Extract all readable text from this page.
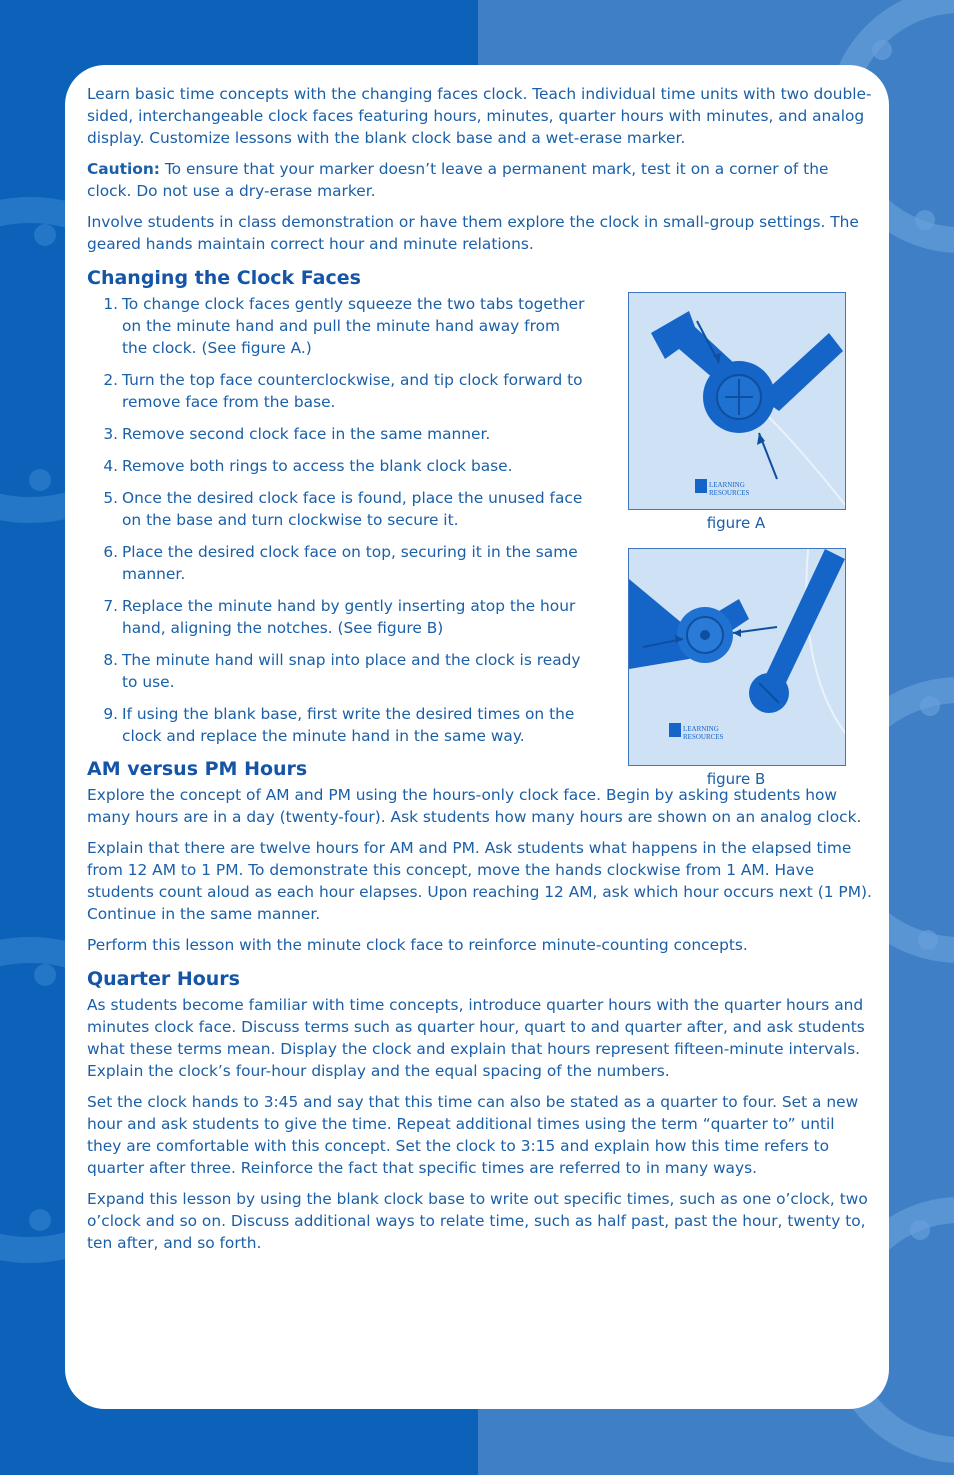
Learn basic time concepts with the changing faces clock. Teach individual time units with two double-sided, interchangeable clock faces featuring hours, minutes, quarter hours with minutes, and analog display. Customize lessons with the blank clock base and a wet-erase marker.

Caution: To ensure that your marker doesn’t leave a permanent mark, test it on a corner of the clock. Do not use a dry-erase marker.

Involve students in class demonstration or have them explore the clock in small-group settings. The geared hands maintain correct hour and minute relations.

Changing the Clock Faces
1. To change clock faces gently squeeze the two tabs together on the minute hand and pull the minute hand away from the clock. (See figure A.)
2. Turn the top face counterclockwise, and tip clock forward to remove face from the base.
3. Remove second clock face in the same manner.
4. Remove both rings to access the blank clock base.
5. Once the desired clock face is found, place the unused face on the base and turn clockwise to secure it.
6. Place the desired clock face on top, securing it in the same manner.
7. Replace the minute hand by gently inserting atop the hour hand, aligning the notches. (See figure B)
8. The minute hand will snap into place and the clock is ready to use.
9. If using the blank base, first write the desired times on the clock and replace the minute hand in the same way.
AM versus PM Hours

Explore the concept of AM and PM using the hours-only clock face. Begin by asking students how many hours are in a day (twenty-four). Ask students how many hours are shown on an analog clock.

Explain that there are twelve hours for AM and PM. Ask students what happens in the elapsed time from 12 AM to 1 PM. To demonstrate this concept, move the hands clockwise from 1 AM. Have students count aloud as each hour elapses. Upon reaching 12 AM, ask which hour occurs next (1 PM). Continue in the same manner.

Perform this lesson with the minute clock face to reinforce minute-counting concepts.

Quarter Hours

As students become familiar with time concepts, introduce quarter hours with the quarter hours and minutes clock face. Discuss terms such as quarter hour, quart to and quarter after, and ask students what these terms mean. Display the clock and explain that hours represent fifteen-minute intervals. Explain the clock’s four-hour display and the equal spacing of the numbers.

Set the clock hands to 3:45 and say that this time can also be stated as a quarter to four. Set a new hour and ask students to give the time. Repeat additional times using the term “quarter to” until they are comfortable with this concept. Set the clock to 3:15 and explain how this time refers to quarter after three. Reinforce the fact that specific times are referred to in many ways.

Expand this lesson by using the blank clock base to write out specific times, such as one o’clock, two o’clock and so on. Discuss additional ways to relate time, such as half past, past the hour, twenty to, ten after, and so forth.

LEARNING
RESOURCES
figure A
LEARNING
RESOURCES
figure B
